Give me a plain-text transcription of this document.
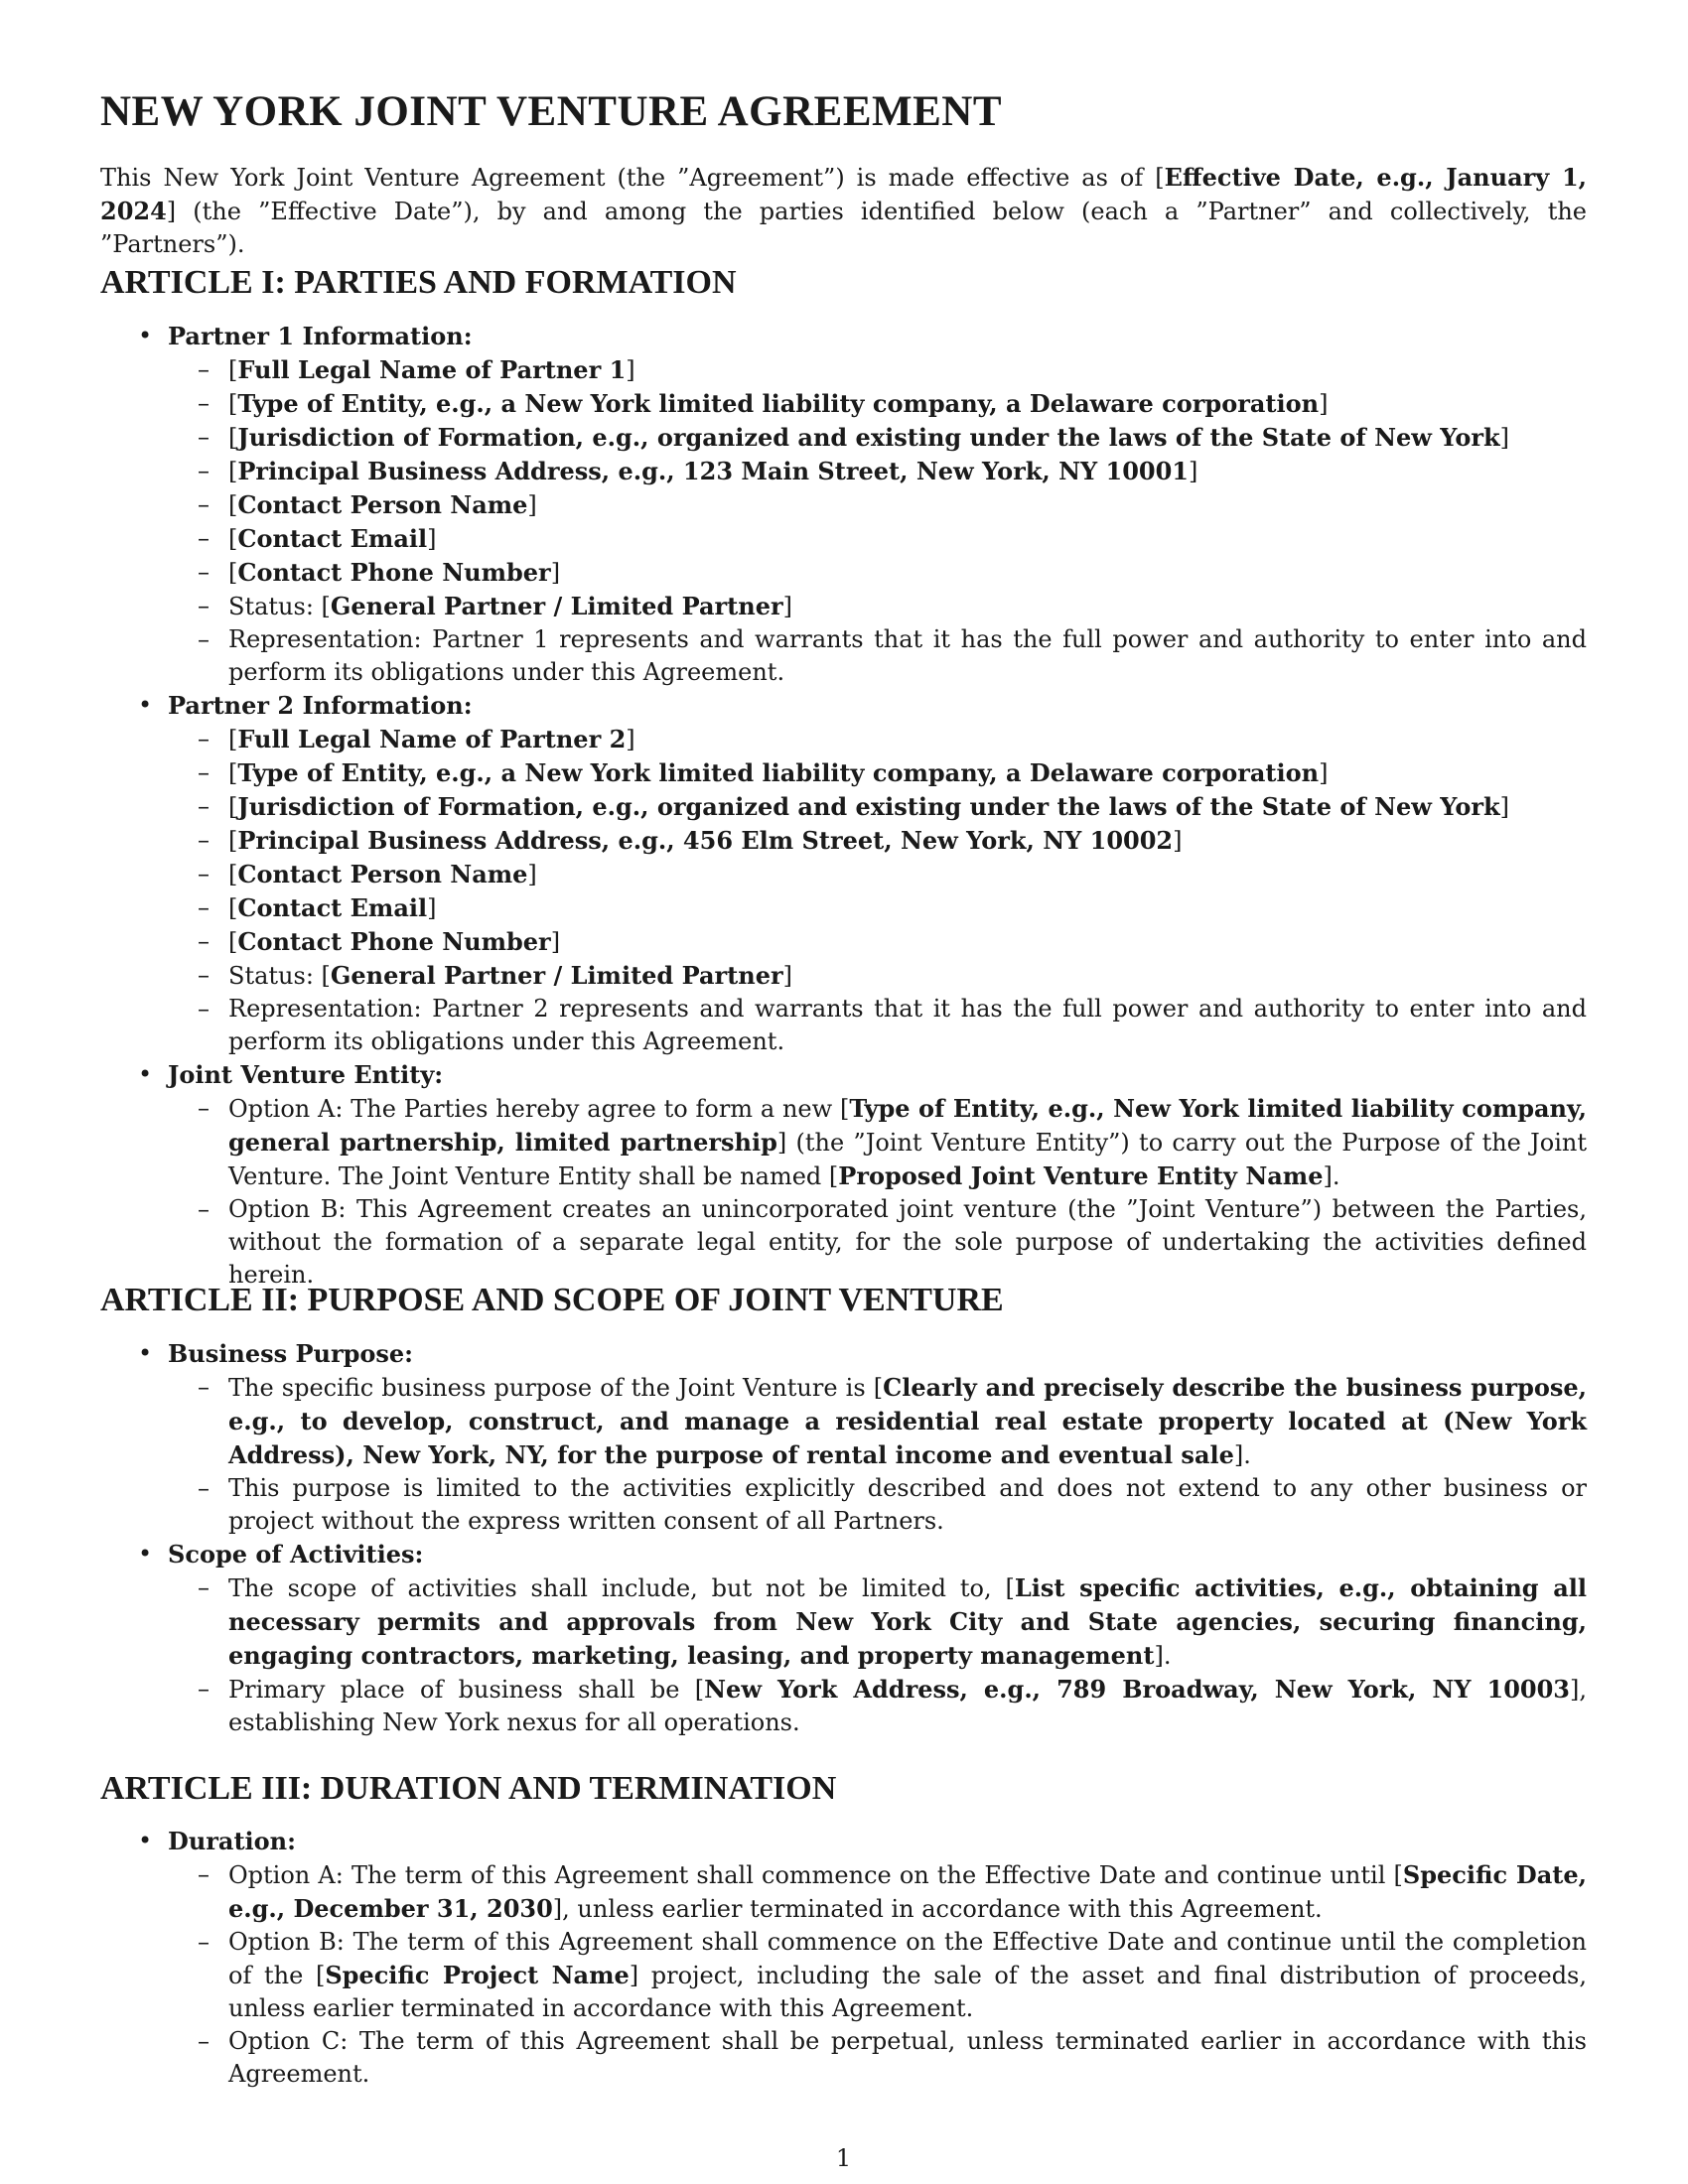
NEW YORK JOINT VENTURE AGREEMENT

This New York Joint Venture Agreement (the ”Agreement”) is made effective as of [Effective Date, e.g., January 1, 2024] (the ”Effective Date”), by and among the parties identified below (each a ”Partner” and collectively, the ”Partners”).

ARTICLE I: PARTIES AND FORMATION
• Partner 1 Information:
– [Full Legal Name of Partner 1]
– [Type of Entity, e.g., a New York limited liability company, a Delaware corporation]
– [Jurisdiction of Formation, e.g., organized and existing under the laws of the State of New York]
– [Principal Business Address, e.g., 123 Main Street, New York, NY 10001]
– [Contact Person Name]
– [Contact Email]
– [Contact Phone Number]
– Status: [General Partner / Limited Partner]
– Representation: Partner 1 represents and warrants that it has the full power and authority to enter into and perform its obligations under this Agreement.
• Partner 2 Information:
– [Full Legal Name of Partner 2]
– [Type of Entity, e.g., a New York limited liability company, a Delaware corporation]
– [Jurisdiction of Formation, e.g., organized and existing under the laws of the State of New York]
– [Principal Business Address, e.g., 456 Elm Street, New York, NY 10002]
– [Contact Person Name]
– [Contact Email]
– [Contact Phone Number]
– Status: [General Partner / Limited Partner]
– Representation: Partner 2 represents and warrants that it has the full power and authority to enter into and perform its obligations under this Agreement.
• Joint Venture Entity:
– Option A: The Parties hereby agree to form a new [Type of Entity, e.g., New York limited liability company, general partnership, limited partnership] (the ”Joint Venture Entity”) to carry out the Purpose of the Joint Venture. The Joint Venture Entity shall be named [Proposed Joint Venture Entity Name].
– Option B: This Agreement creates an unincorporated joint venture (the ”Joint Venture”) between the Parties, without the formation of a separate legal entity, for the sole purpose of undertaking the activities defined herein.
ARTICLE II: PURPOSE AND SCOPE OF JOINT VENTURE
• Business Purpose:
– The specific business purpose of the Joint Venture is [Clearly and precisely describe the business purpose, e.g., to develop, construct, and manage a residential real estate property located at (New York Address), New York, NY, for the purpose of rental income and eventual sale].
– This purpose is limited to the activities explicitly described and does not extend to any other business or project without the express written consent of all Partners.
• Scope of Activities:
– The scope of activities shall include, but not be limited to, [List specific activities, e.g., obtaining all necessary permits and approvals from New York City and State agencies, securing financing, engaging contractors, marketing, leasing, and property management].
– Primary place of business shall be [New York Address, e.g., 789 Broadway, New York, NY 10003], establishing New York nexus for all operations.
ARTICLE III: DURATION AND TERMINATION
• Duration:
– Option A: The term of this Agreement shall commence on the Effective Date and continue until [Specific Date, e.g., December 31, 2030], unless earlier terminated in accordance with this Agreement.
– Option B: The term of this Agreement shall commence on the Effective Date and continue until the completion of the [Specific Project Name] project, including the sale of the asset and final distribution of proceeds, unless earlier terminated in accordance with this Agreement.
– Option C: The term of this Agreement shall be perpetual, unless terminated earlier in accordance with this Agreement.
1
